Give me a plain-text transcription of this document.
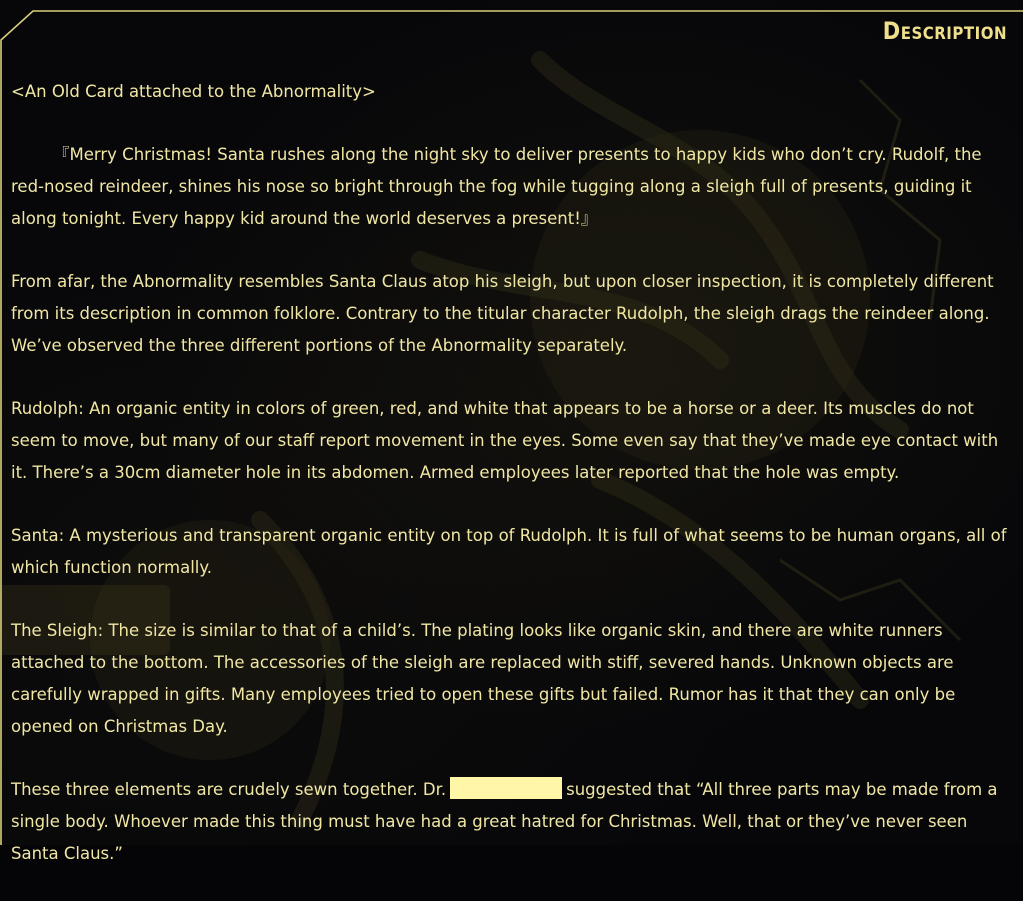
Description

<An Old Card attached to the Abnormality>

『Merry Christmas! Santa rushes along the night sky to deliver presents to happy kids who don’t cry. Rudolf, the red-nosed reindeer, shines his nose so bright through the fog while tugging along a sleigh full of presents, guiding it along tonight. Every happy kid around the world deserves a present!』

From afar, the Abnormality resembles Santa Claus atop his sleigh, but upon closer inspection, it is completely different from its description in common folklore. Contrary to the titular character Rudolph, the sleigh drags the reindeer along. We’ve observed the three different portions of the Abnormality separately.

Rudolph: An organic entity in colors of green, red, and white that appears to be a horse or a deer. Its muscles do not seem to move, but many of our staff report movement in the eyes. Some even say that they’ve made eye contact with it. There’s a 30cm diameter hole in its abdomen. Armed employees later reported that the hole was empty.

Santa: A mysterious and transparent organic entity on top of Rudolph. It is full of what seems to be human organs, all of which function normally.

The Sleigh: The size is similar to that of a child’s. The plating looks like organic skin, and there are white runners attached to the bottom. The accessories of the sleigh are replaced with stiff, severed hands. Unknown objects are carefully wrapped in gifts. Many employees tried to open these gifts but failed. Rumor has it that they can only be opened on Christmas Day.

These three elements are crudely sewn together. Dr.	suggested that “All three parts may be made from a single body. Whoever made this thing must have had a great hatred for Christmas. Well, that or they’ve never seen Santa Claus.”
